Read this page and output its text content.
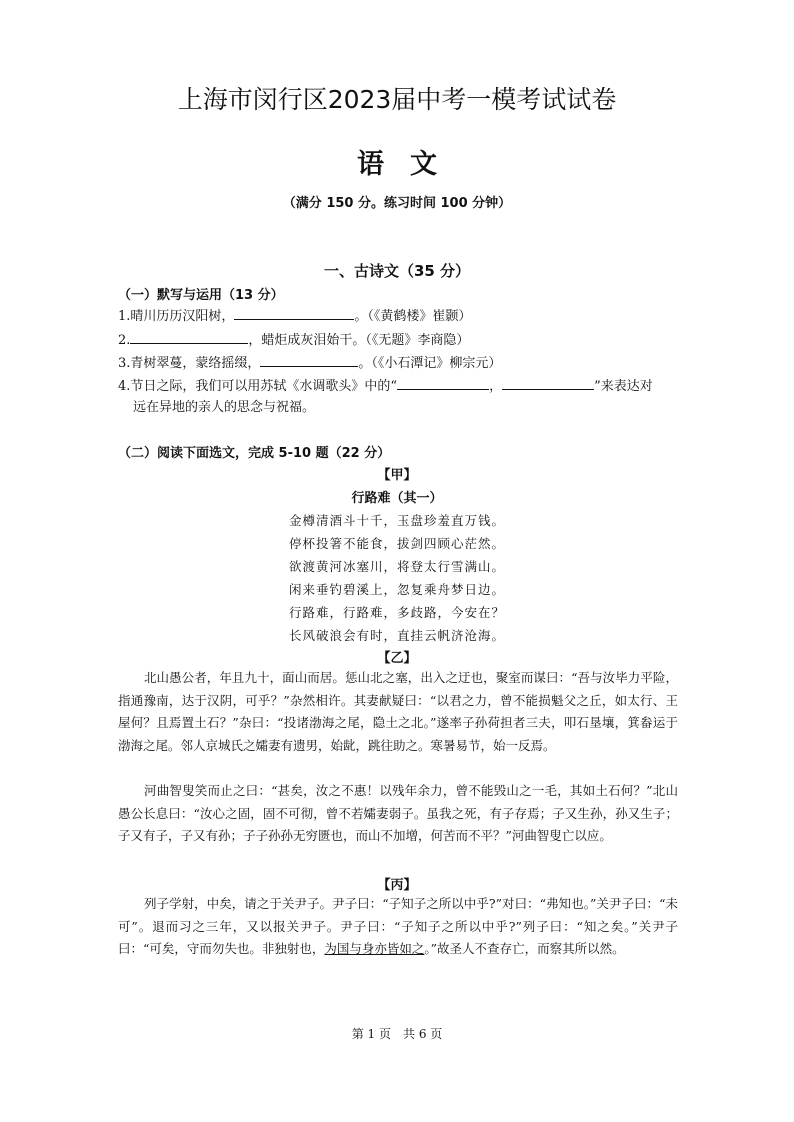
上海市闵行区2023届中考一模考试试卷
语文
（满分 150 分。练习时间 100 分钟）
一、古诗文（35 分）
（一）默写与运用（13 分）
1.晴川历历汉阳树，	。（《黄鹤楼》崔颢）
2.	，蜡炬成灰泪始干。（《无题》李商隐）
3.青树翠蔓，蒙络摇缀，	。（《小石潭记》柳宗元）
4.节日之际，我们可以用苏轼《水调歌头》中的“	，	”来表达对
远在异地的亲人的思念与祝福。
（二）阅读下面选文，完成 5-10 题（22 分）
【甲】
行路难（其一）
金樽清酒斗十千，玉盘珍羞直万钱。
停杯投箸不能食，拔剑四顾心茫然。
欲渡黄河冰塞川，将登太行雪满山。
闲来垂钓碧溪上，忽复乘舟梦日边。
行路难，行路难，多歧路，今安在？
长风破浪会有时，直挂云帆济沧海。
【乙】
北山愚公者，年且九十，面山而居。惩山北之塞，出入之迂也，聚室而谋曰：“吾与汝毕力平险，指通豫南，达于汉阴，可乎？”杂然相许。其妻献疑曰：“以君之力，曾不能损魁父之丘，如太行、王屋何？且焉置土石？”杂曰：“投诸渤海之尾，隐土之北。”遂率子孙荷担者三夫，叩石垦壤，箕畚运于渤海之尾。邻人京城氏之孀妻有遗男，始龀，跳往助之。寒暑易节，始一反焉。
河曲智叟笑而止之曰：“甚矣，汝之不惠！以残年余力，曾不能毁山之一毛，其如土石何？”北山愚公长息曰：“汝心之固，固不可彻，曾不若孀妻弱子。虽我之死，有子存焉；子又生孙，孙又生子；子又有子，子又有孙；子子孙孙无穷匮也，而山不加增，何苦而不平？”河曲智叟亡以应。
【丙】
列子学射，中矣，请之于关尹子。尹子曰：“子知子之所以中乎?”对曰：“弗知也。”关尹子曰：“未可”。退而习之三年，又以报关尹子。尹子曰：“子知子之所以中乎?”列子曰：“知之矣。”关尹子曰：“可矣，守而勿失也。非独射也，为国与身亦皆如之。”故圣人不查存亡，而察其所以然。
第 1 页　共 6 页
